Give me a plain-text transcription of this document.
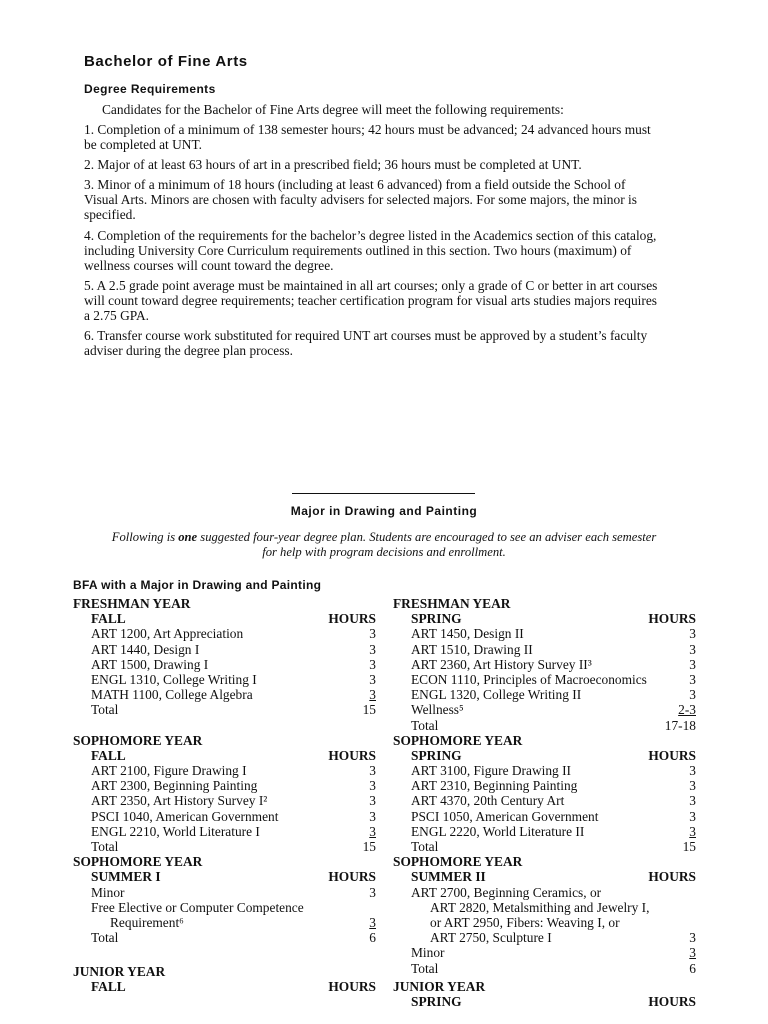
Bachelor of Fine Arts
Degree Requirements
Candidates for the Bachelor of Fine Arts degree will meet the following requirements:
1. Completion of a minimum of 138 semester hours; 42 hours must be advanced; 24 advanced hours must
be completed at UNT.
2. Major of at least 63 hours of art in a prescribed field; 36 hours must be completed at UNT.
3. Minor of a minimum of 18 hours (including at least 6 advanced) from a field outside the School of
Visual Arts. Minors are chosen with faculty advisers for selected majors. For some majors, the minor is
specified.
4. Completion of the requirements for the bachelor’s degree listed in the Academics section of this catalog,
including University Core Curriculum requirements outlined in this section. Two hours (maximum) of
wellness courses will count toward the degree.
5. A 2.5 grade point average must be maintained in all art courses; only a grade of C or better in art courses
will count toward degree requirements; teacher certification program for visual arts studies majors requires
a 2.75 GPA.
6. Transfer course work substituted for required UNT art courses must be approved by a student’s faculty
adviser during the degree plan process.
Major in Drawing and Painting
Following is one suggested four-year degree plan. Students are encouraged to see an adviser each semester
for help with program decisions and enrollment.
BFA with a Major in Drawing and Painting
FRESHMAN YEAR
FALL	HOURS
ART 1200, Art Appreciation	3
ART 1440, Design I	3
ART 1500, Drawing I	3
ENGL 1310, College Writing I	3
MATH 1100, College Algebra	3
Total	15
SOPHOMORE YEAR
FALL	HOURS
ART 2100, Figure Drawing I	3
ART 2300, Beginning Painting	3
ART 2350, Art History Survey I²	3
PSCI 1040, American Government	3
ENGL 2210, World Literature I	3
Total	15
SOPHOMORE YEAR
SUMMER I	HOURS
Minor	3
Free Elective or Computer Competence
Requirement⁶	3
Total	6
JUNIOR YEAR
FALL	HOURS
FRESHMAN YEAR
SPRING	HOURS
ART 1450, Design II	3
ART 1510, Drawing II	3
ART 2360, Art History Survey II³	3
ECON 1110, Principles of Macroeconomics	3
ENGL 1320, College Writing II	3
Wellness⁵	2-3
Total	17-18
SOPHOMORE YEAR
SPRING	HOURS
ART 3100, Figure Drawing II	3
ART 2310, Beginning Painting	3
ART 4370, 20th Century Art	3
PSCI 1050, American Government	3
ENGL 2220, World Literature II	3
Total	15
SOPHOMORE YEAR
SUMMER II	HOURS
ART 2700, Beginning Ceramics, or
ART 2820, Metalsmithing and Jewelry I,
or ART 2950, Fibers: Weaving I, or
ART 2750, Sculpture I	3
Minor	3
Total	6
JUNIOR YEAR
SPRING	HOURS
